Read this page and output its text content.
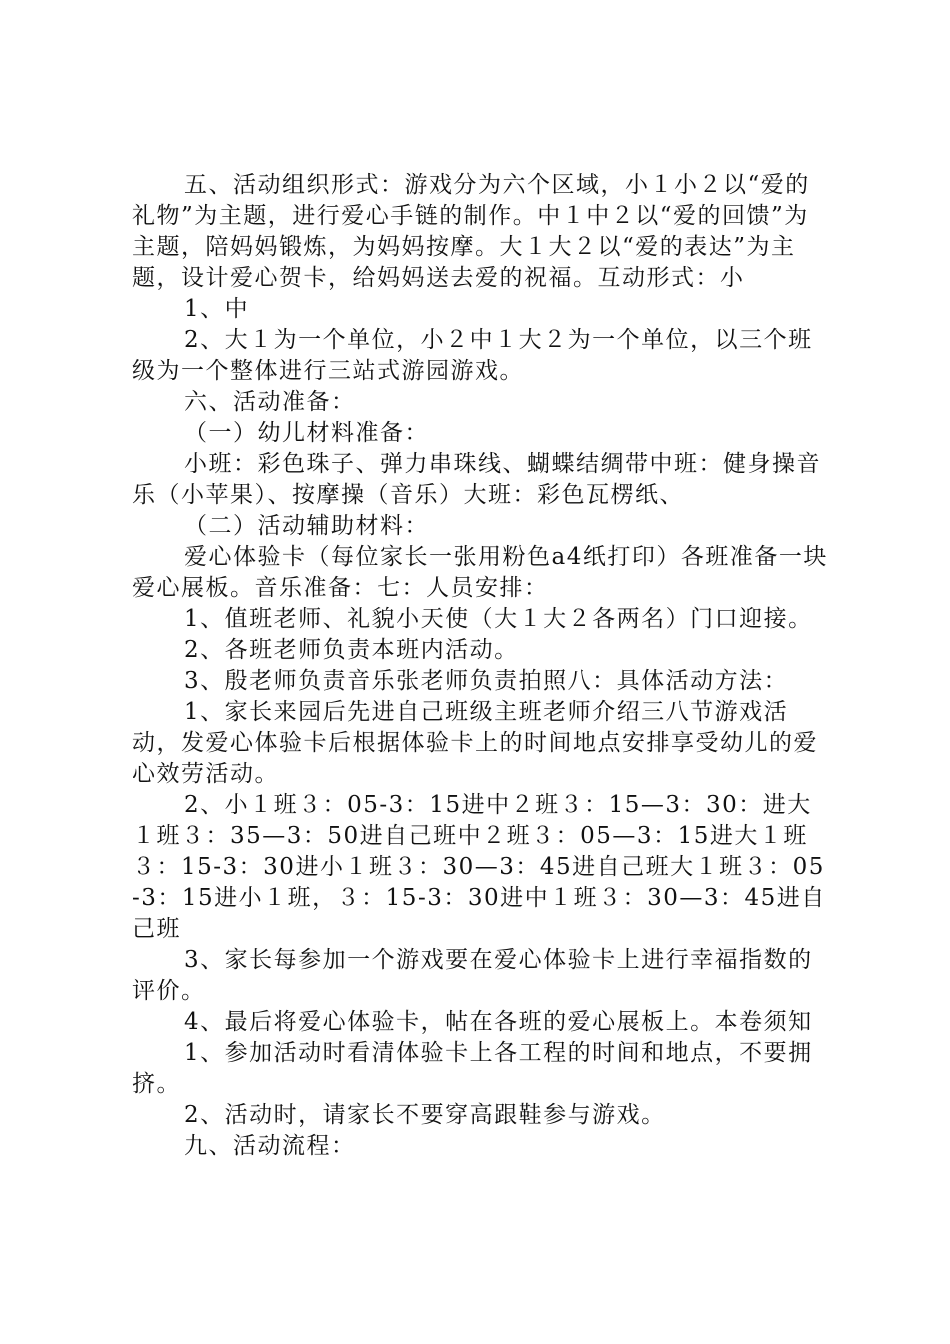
五、活动组织形式：游戏分为六个区域，小１小２以“爱的礼物”为主题，进行爱心手链的制作。中１中２以“爱的回馈”为主题，陪妈妈锻炼，为妈妈按摩。大１大２以“爱的表达”为主题，设计爱心贺卡，给妈妈送去爱的祝福。互动形式：小

1、中

2、大１为一个单位，小２中１大２为一个单位，以三个班级为一个整体进行三站式游园游戏。

六、活动准备：

（一）幼儿材料准备：

小班：彩色珠子、弹力串珠线、蝴蝶结绸带中班：健身操音乐（小苹果）、按摩操（音乐）大班：彩色瓦楞纸、

（二）活动辅助材料：

爱心体验卡（每位家长一张用粉色a4纸打印）各班准备一块爱心展板。音乐准备：七：人员安排：

1、值班老师、礼貌小天使（大１大２各两名）门口迎接。

2、各班老师负责本班内活动。

3、殷老师负责音乐张老师负责拍照八：具体活动方法：

1、家长来园后先进自己班级主班老师介绍三八节游戏活动，发爱心体验卡后根据体验卡上的时间地点安排享受幼儿的爱心效劳活动。

2、小１班３：05-3：15进中２班３：15—3：30：进大１班３：35—3：50进自己班中２班３：05—3：15进大１班３：15-3：30进小１班３：30—3：45进自己班大１班３：05-3：15进小１班，３：15-3：30进中１班３：30—3：45进自己班

3、家长每参加一个游戏要在爱心体验卡上进行幸福指数的评价。

4、最后将爱心体验卡，帖在各班的爱心展板上。本卷须知

1、参加活动时看清体验卡上各工程的时间和地点，不要拥挤。

2、活动时，请家长不要穿高跟鞋参与游戏。

九、活动流程：
